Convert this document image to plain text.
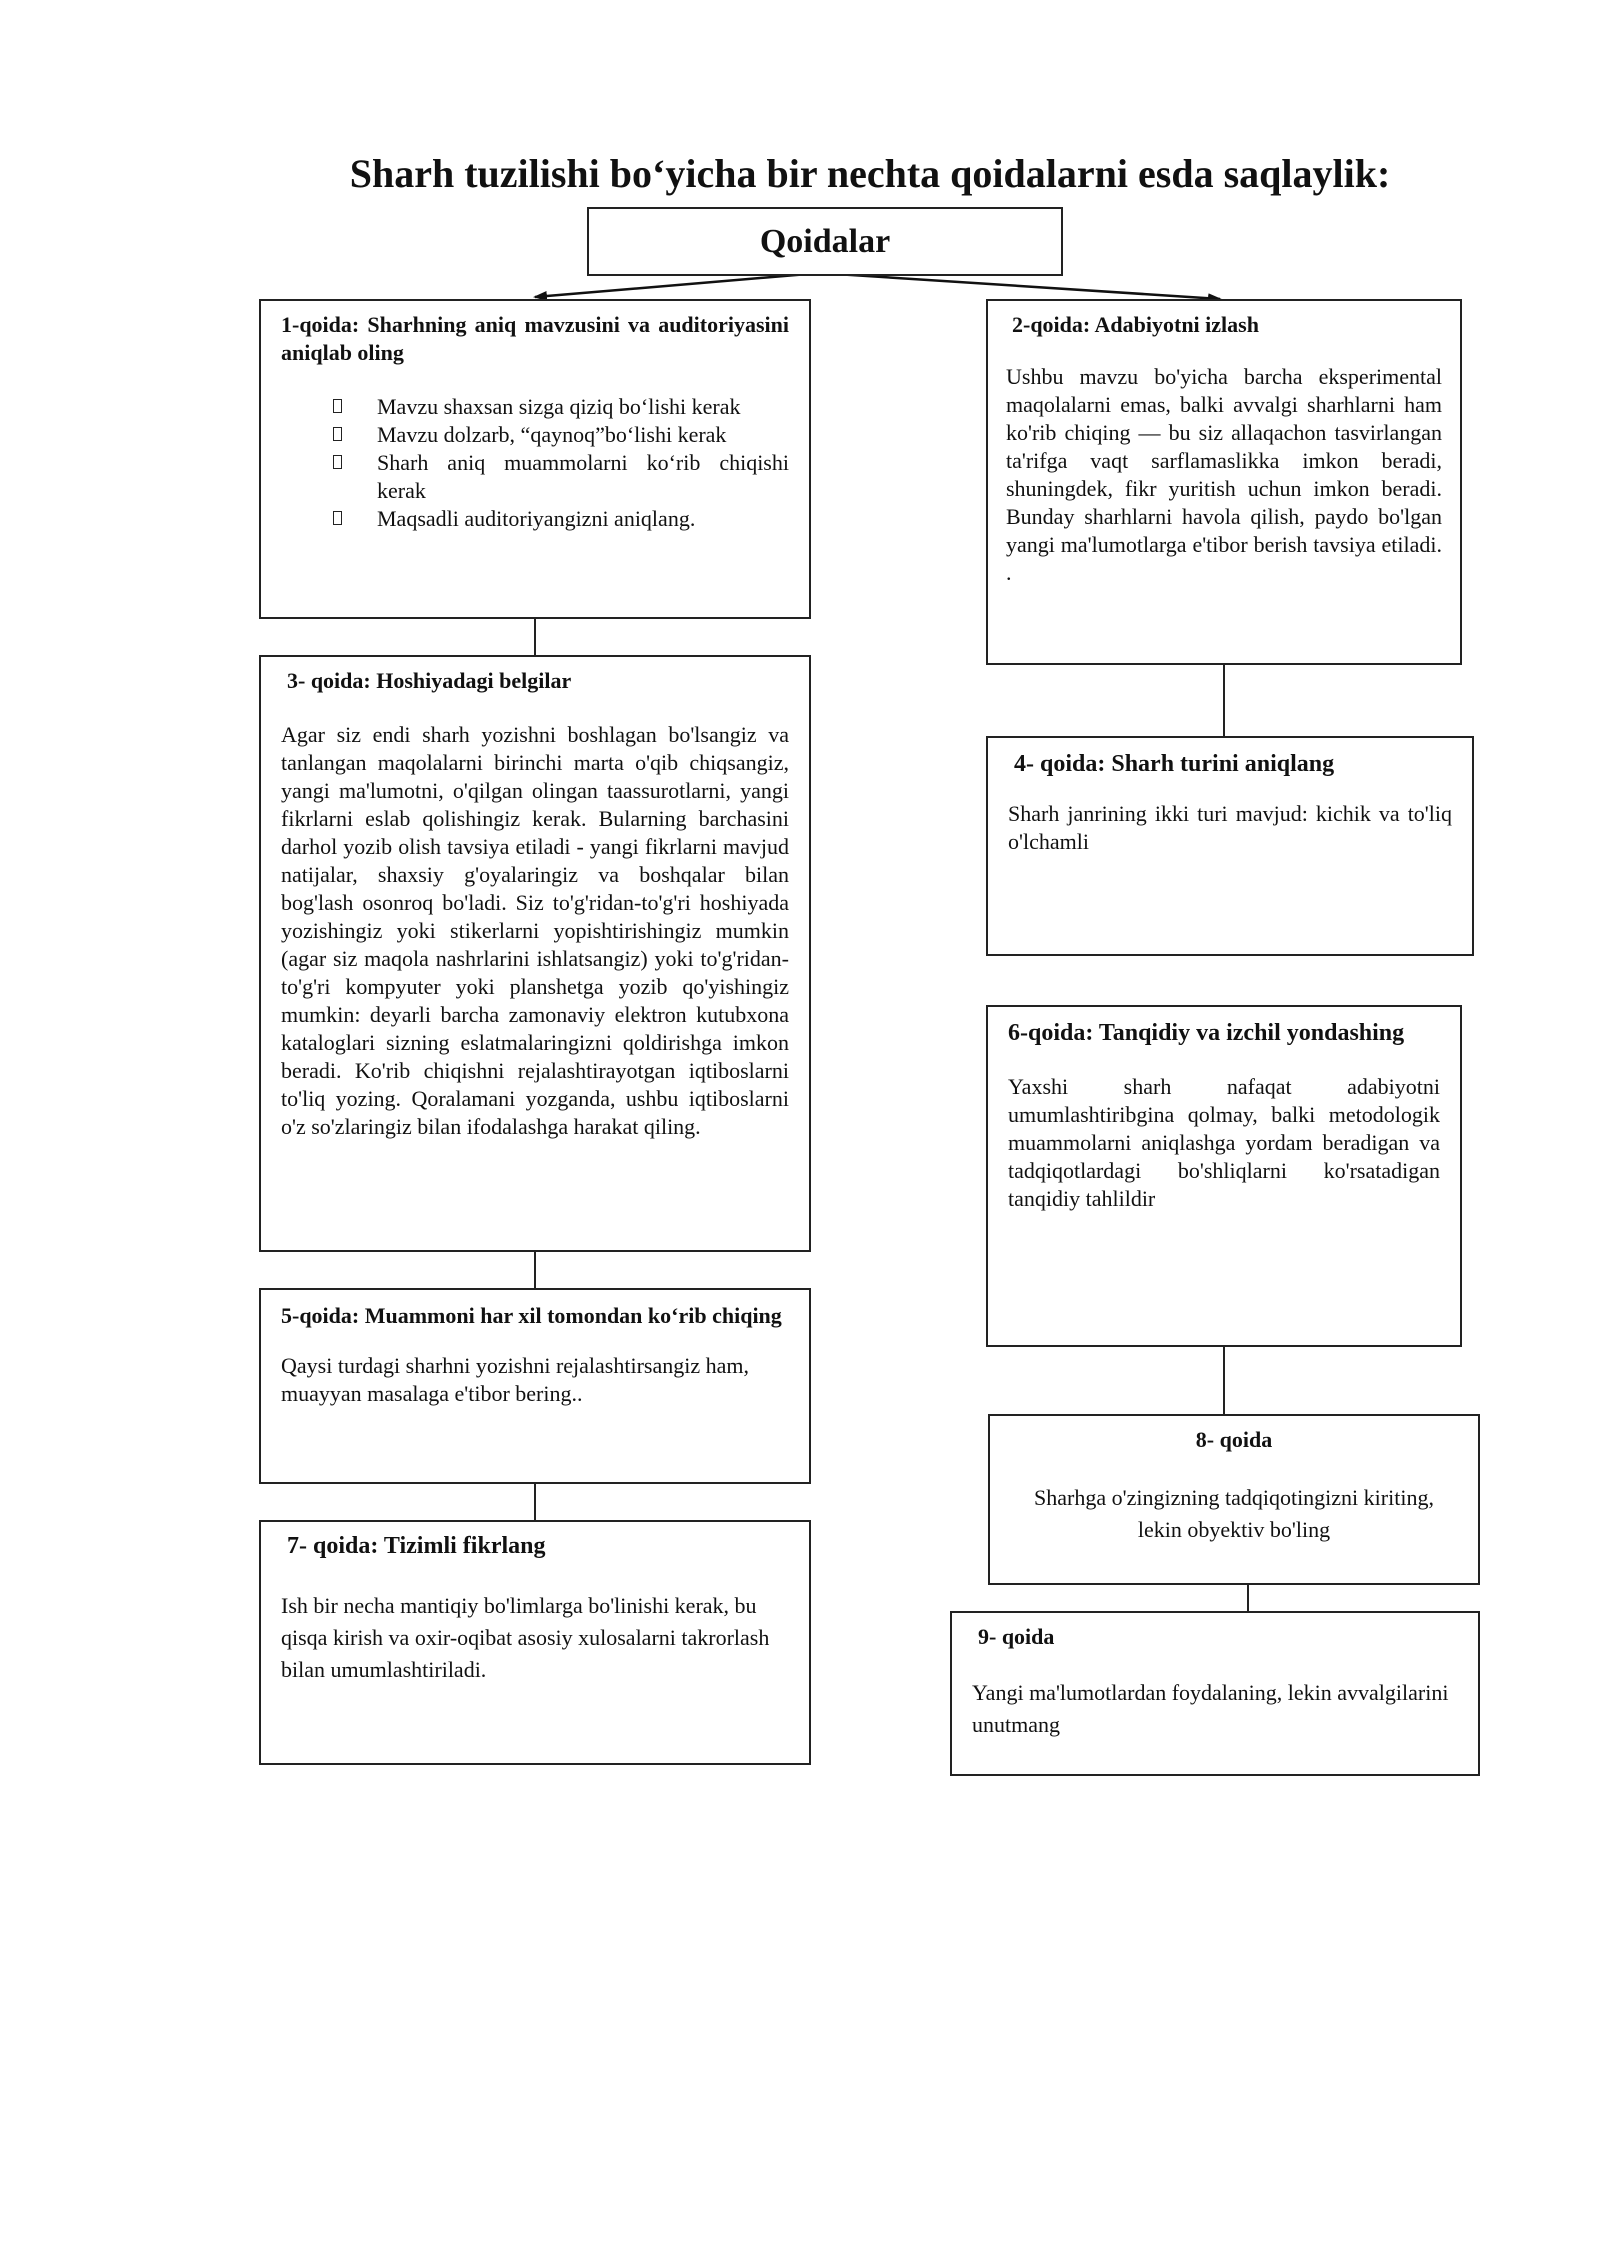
Sharh tuzilishi bo‘yicha bir nechta qoidalarni esda saqlaylik:
Qoidalar
1-qoida: Sharhning aniq mavzusini va auditoriyasini aniqlab oling
Mavzu shaxsan sizga qiziq bo‘lishi kerak
Mavzu dolzarb, “qaynoq”bo‘lishi kerak
Sharh aniq muammolarni ko‘rib chiqishi kerak
Maqsadli auditoriyangizni aniqlang.
2-qoida: Adabiyotni izlash
Ushbu mavzu bo'yicha barcha eksperimental maqolalarni emas, balki avvalgi sharhlarni ham ko'rib chiqing — bu siz allaqachon tasvirlangan ta'rifga vaqt sarflamaslikka imkon beradi, shuningdek, fikr yuritish uchun imkon beradi. Bunday sharhlarni havola qilish, paydo bo'lgan yangi ma'lumotlarga e'tibor berish tavsiya etiladi. .
3- qoida: Hoshiyadagi belgilar
Agar siz endi sharh yozishni boshlagan bo'lsangiz va tanlangan maqolalarni birinchi marta o'qib chiqsangiz, yangi ma'lumotni, o'qilgan olingan taassurotlarni, yangi fikrlarni eslab qolishingiz kerak. Bularning barchasini darhol yozib olish tavsiya etiladi - yangi fikrlarni mavjud natijalar, shaxsiy g'oyalaringiz va boshqalar bilan bog'lash osonroq bo'ladi. Siz to'g'ridan-to'g'ri hoshiyada yozishingiz yoki stikerlarni yopishtirishingiz mumkin (agar siz maqola nashrlarini ishlatsangiz) yoki to'g'ridan-to'g'ri kompyuter yoki planshetga yozib qo'yishingiz mumkin: deyarli barcha zamonaviy elektron kutubxona kataloglari sizning eslatmalaringizni qoldirishga imkon beradi. Ko'rib chiqishni rejalashtirayotgan iqtiboslarni to'liq yozing. Qoralamani yozganda, ushbu iqtiboslarni o'z so'zlaringiz bilan ifodalashga harakat qiling.
4- qoida: Sharh turini aniqlang
Sharh janrining ikki turi mavjud: kichik va to'liq o'lchamli
5-qoida: Muammoni har xil tomondan ko‘rib chiqing
Qaysi turdagi sharhni yozishni rejalashtirsangiz ham, muayyan masalaga e'tibor bering..
6-qoida: Tanqidiy va izchil yondashing
Yaxshi sharh nafaqat adabiyotni umumlashtiribgina qolmay, balki metodologik muammolarni aniqlashga yordam beradigan va tadqiqotlardagi bo'shliqlarni ko'rsatadigan tanqidiy tahlildir
7- qoida: Tizimli fikrlang
Ish bir necha mantiqiy bo'limlarga bo'linishi kerak, bu qisqa kirish va oxir-oqibat asosiy xulosalarni takrorlash bilan umumlashtiriladi.
8- qoida
Sharhga o'zingizning tadqiqotingizni kiriting, lekin obyektiv bo'ling
9- qoida
Yangi ma'lumotlardan foydalaning, lekin avvalgilarini unutmang
